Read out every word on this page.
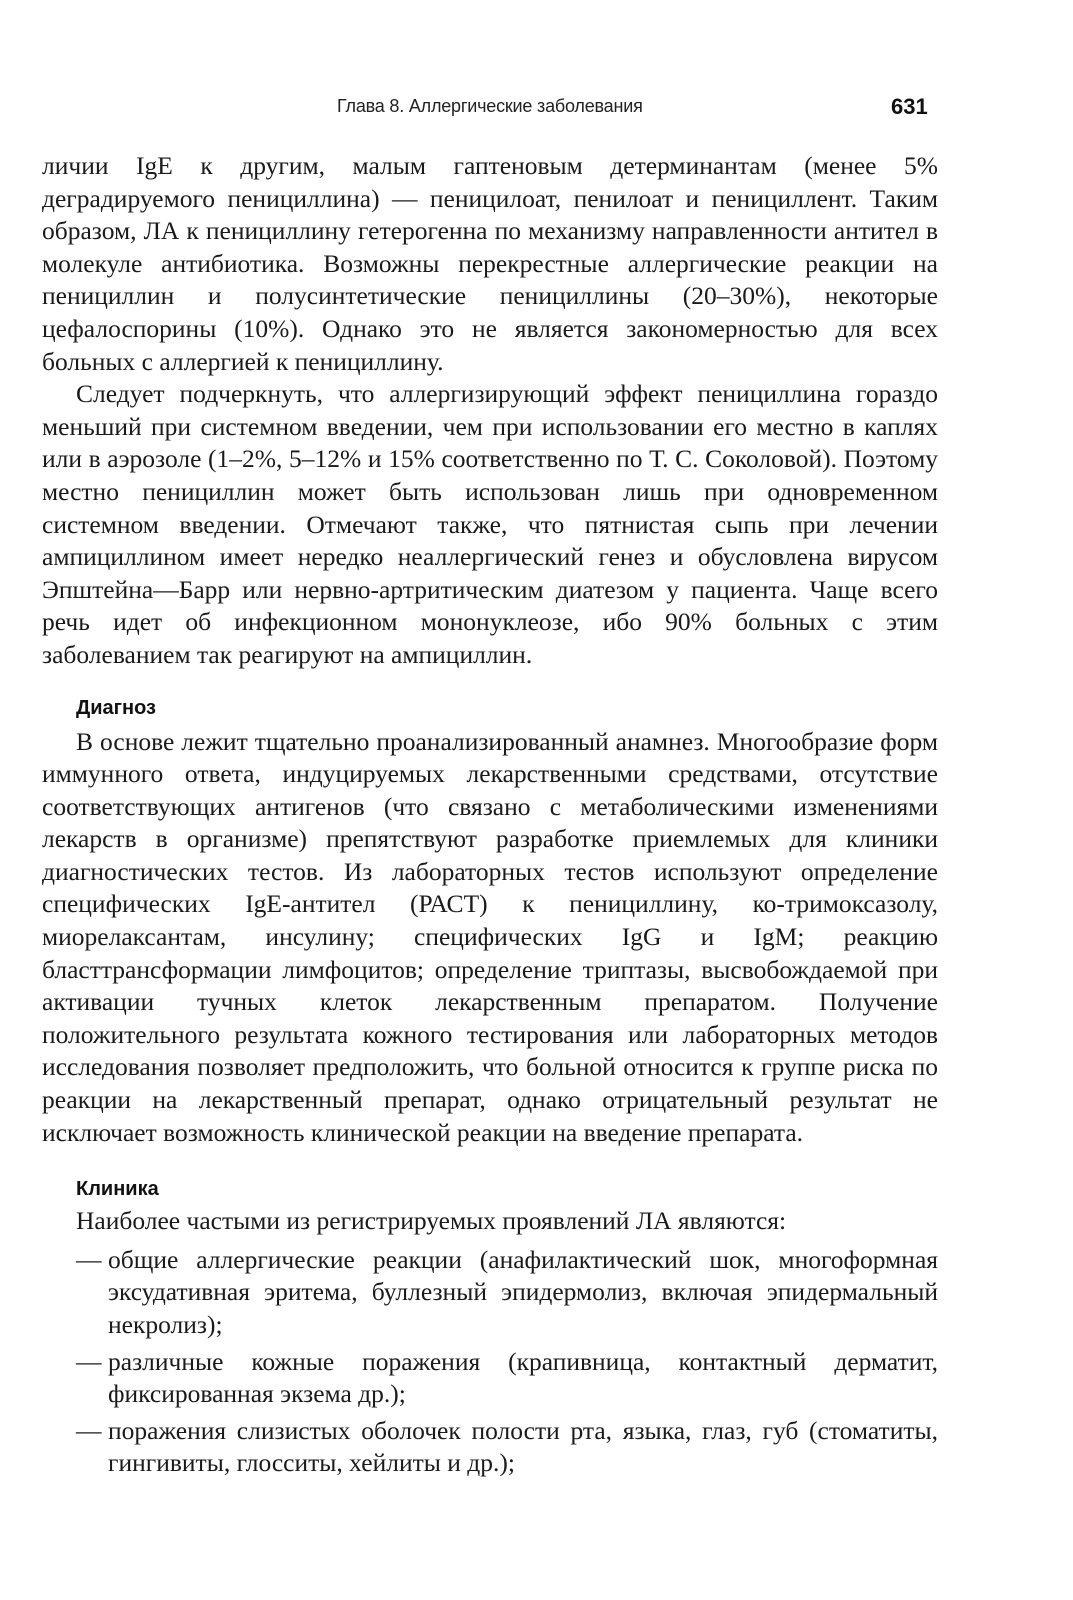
Глава 8. Аллергические заболевания	631

личии IgE к другим, малым гаптеновым детерминантам (менее 5% деградируемого пенициллина) — пеницилоат, пенилоат и пенициллент. Таким образом, ЛА к пенициллину гетерогенна по механизму направленности антител в молекуле антибиотика. Возможны перекрестные аллергические реакции на пенициллин и полусинтетические пенициллины (20–30%), некоторые цефалоспорины (10%). Однако это не является закономерностью для всех больных с аллергией к пенициллину.

Следует подчеркнуть, что аллергизирующий эффект пенициллина гораздо меньший при системном введении, чем при использовании его местно в каплях или в аэрозоле (1–2%, 5–12% и 15% соответственно по Т. С. Соколовой). Поэтому местно пенициллин может быть использован лишь при одновременном системном введении. Отмечают также, что пятнистая сыпь при лечении ампициллином имеет нередко неаллергический генез и обусловлена вирусом Эпштейна—Барр или нервно-артритическим диатезом у пациента. Чаще всего речь идет об инфекционном мононуклеозе, ибо 90% больных с этим заболеванием так реагируют на ампициллин.

Диагноз

В основе лежит тщательно проанализированный анамнез. Многообразие форм иммунного ответа, индуцируемых лекарственными средствами, отсутствие соответствующих антигенов (что связано с метаболическими изменениями лекарств в организме) препятствуют разработке приемлемых для клиники диагностических тестов. Из лабораторных тестов используют определение специфических IgE-антител (РАСТ) к пенициллину, ко-тримоксазолу, миорелаксантам, инсулину; специфических IgG и IgM; реакцию бласттрансформации лимфоцитов; определение триптазы, высвобождаемой при активации тучных клеток лекарственным препаратом. Получение положительного результата кожного тестирования или лабораторных методов исследования позволяет предположить, что больной относится к группе риска по реакции на лекарственный препарат, однако отрицательный результат не исключает возможность клинической реакции на введение препарата.

Клиника

Наиболее частыми из регистрируемых проявлений ЛА являются:

— общие аллергические реакции (анафилактический шок, многоформная эксудативная эритема, буллезный эпидермолиз, включая эпидермальный некролиз);
— различные кожные поражения (крапивница, контактный дерматит, фиксированная экзема др.);
— поражения слизистых оболочек полости рта, языка, глаз, губ (стоматиты, гингивиты, глосситы, хейлиты и др.);
